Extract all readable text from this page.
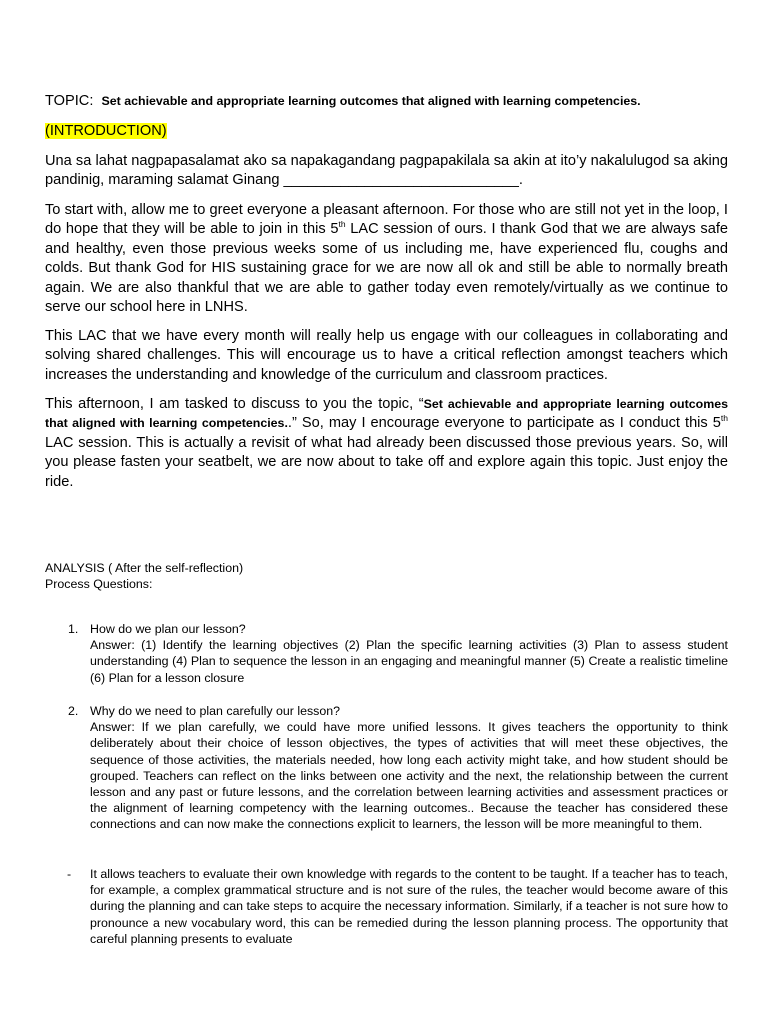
TOPIC: Set achievable and appropriate learning outcomes that aligned with learning competencies.

(INTRODUCTION)

Una sa lahat nagpapasalamat ako sa napakagandang pagpapakilala sa akin at ito’y nakalulugod sa aking pandinig, maraming salamat Ginang _____________________________.

To start with, allow me to greet everyone a pleasant afternoon. For those who are still not yet in the loop, I do hope that they will be able to join in this 5th LAC session of ours. I thank God that we are always safe and healthy, even those previous weeks some of us including me, have experienced flu, coughs and colds. But thank God for HIS sustaining grace for we are now all ok and still be able to normally breath again. We are also thankful that we are able to gather today even remotely/virtually as we continue to serve our school here in LNHS.

This LAC that we have every month will really help us engage with our colleagues in collaborating and solving shared challenges. This will encourage us to have a critical reflection amongst teachers which increases the understanding and knowledge of the curriculum and classroom practices.

This afternoon, I am tasked to discuss to you the topic, “Set achievable and appropriate learning outcomes that aligned with learning competencies..” So, may I encourage everyone to participate as I conduct this 5th LAC session. This is actually a revisit of what had already been discussed those previous years. So, will you please fasten your seatbelt, we are now about to take off and explore again this topic. Just enjoy the ride.

ANALYSIS ( After the self-reflection)
Process Questions:
1. How do we plan our lesson?
Answer: (1) Identify the learning objectives (2) Plan the specific learning activities (3) Plan to assess student understanding (4) Plan to sequence the lesson in an engaging and meaningful manner (5) Create a realistic timeline (6) Plan for a lesson closure
2. Why do we need to plan carefully our lesson?
Answer: If we plan carefully, we could have more unified lessons. It gives teachers the opportunity to think deliberately about their choice of lesson objectives, the types of activities that will meet these objectives, the sequence of those activities, the materials needed, how long each activity might take, and how student should be grouped. Teachers can reflect on the links between one activity and the next, the relationship between the current lesson and any past or future lessons, and the correlation between learning activities and assessment practices or the alignment of learning competency with the learning outcomes.. Because the teacher has considered these connections and can now make the connections explicit to learners, the lesson will be more meaningful to them.
- It allows teachers to evaluate their own knowledge with regards to the content to be taught. If a teacher has to teach, for example, a complex grammatical structure and is not sure of the rules, the teacher would become aware of this during the planning and can take steps to acquire the necessary information. Similarly, if a teacher is not sure how to pronounce a new vocabulary word, this can be remedied during the lesson planning process. The opportunity that careful planning presents to evaluate
